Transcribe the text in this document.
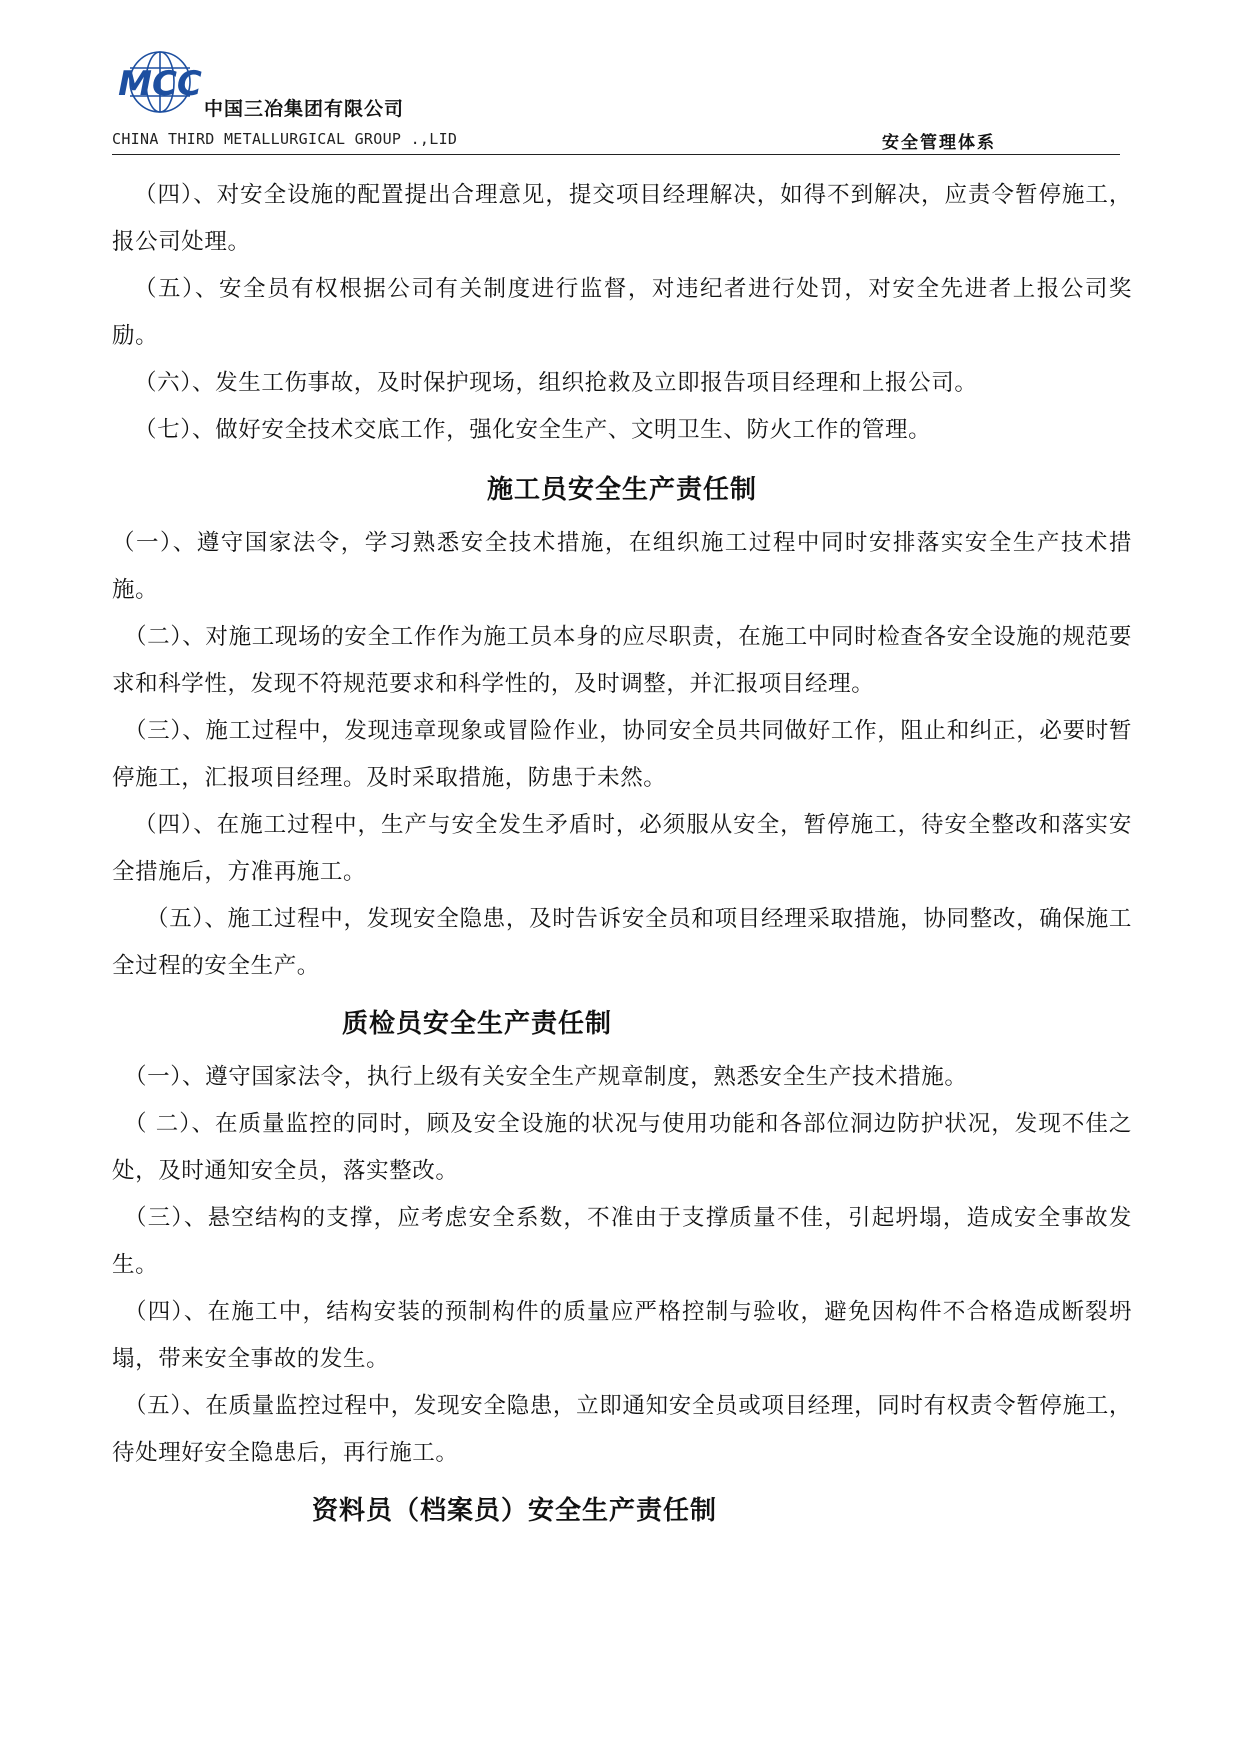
MCC
中国三冶集团有限公司
CHINA THIRD METALLURGICAL GROUP .,LID	安全管理体系

（四）、对安全设施的配置提出合理意见，提交项目经理解决，如得不到解决，应责令暂停施工，报公司处理。

（五）、安全员有权根据公司有关制度进行监督，对违纪者进行处罚，对安全先进者上报公司奖励。

（六）、发生工伤事故，及时保护现场，组织抢救及立即报告项目经理和上报公司。

（七）、做好安全技术交底工作，强化安全生产、文明卫生、防火工作的管理。

施工员安全生产责任制

（一）、遵守国家法令，学习熟悉安全技术措施，在组织施工过程中同时安排落实安全生产技术措施。

（二）、对施工现场的安全工作作为施工员本身的应尽职责，在施工中同时检查各安全设施的规范要求和科学性，发现不符规范要求和科学性的，及时调整，并汇报项目经理。

（三）、施工过程中，发现违章现象或冒险作业，协同安全员共同做好工作，阻止和纠正，必要时暂停施工，汇报项目经理。及时采取措施，防患于未然。

（四）、在施工过程中，生产与安全发生矛盾时，必须服从安全，暂停施工，待安全整改和落实安全措施后，方准再施工。

（五）、施工过程中，发现安全隐患，及时告诉安全员和项目经理采取措施，协同整改，确保施工全过程的安全生产。

质检员安全生产责任制

（一）、遵守国家法令，执行上级有关安全生产规章制度，熟悉安全生产技术措施。

（ 二）、在质量监控的同时，顾及安全设施的状况与使用功能和各部位洞边防护状况，发现不佳之处，及时通知安全员，落实整改。

（三）、悬空结构的支撑，应考虑安全系数，不准由于支撑质量不佳，引起坍塌，造成安全事故发生。

（四）、在施工中，结构安装的预制构件的质量应严格控制与验收，避免因构件不合格造成断裂坍塌，带来安全事故的发生。

（五）、在质量监控过程中，发现安全隐患，立即通知安全员或项目经理，同时有权责令暂停施工，待处理好安全隐患后，再行施工。

资料员（档案员）安全生产责任制
